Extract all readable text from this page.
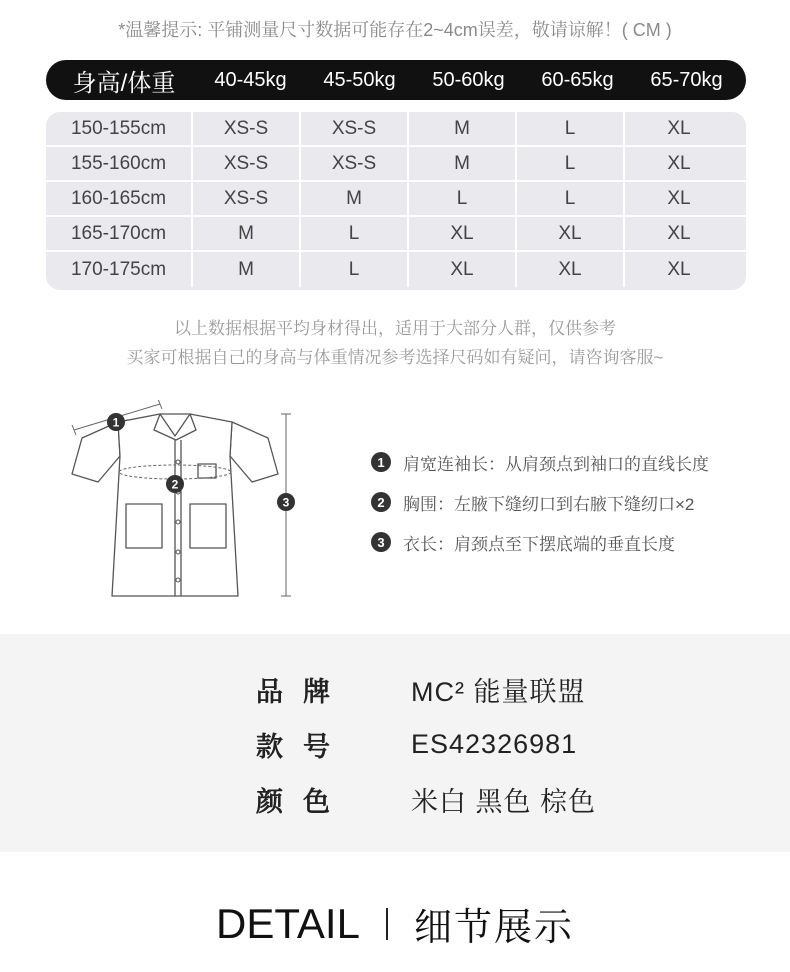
*温馨提示: 平铺测量尺寸数据可能存在2~4cm误差，敬请谅解！( CM )
身高/体重	40-45kg	45-50kg	50-60kg	60-65kg	65-70kg
150-155cm	XS-S	XS-S	M	L	XL
155-160cm	XS-S	XS-S	M	L	XL
160-165cm	XS-S	M	L	L	XL
165-170cm	M	L	XL	XL	XL
170-175cm	M	L	XL	XL	XL
以上数据根据平均身材得出，适用于大部分人群，仅供参考
买家可根据自己的身高与体重情况参考选择尺码如有疑问，请咨询客服~
1
2
3
1	肩宽连袖长：从肩颈点到袖口的直线长度
2	胸围：左腋下缝纫口到右腋下缝纫口×2
3	衣长：肩颈点至下摆底端的垂直长度
品牌	MC² 能量联盟
款号	ES42326981
颜色	米白 黑色 棕色
DETAIL 细节展示
